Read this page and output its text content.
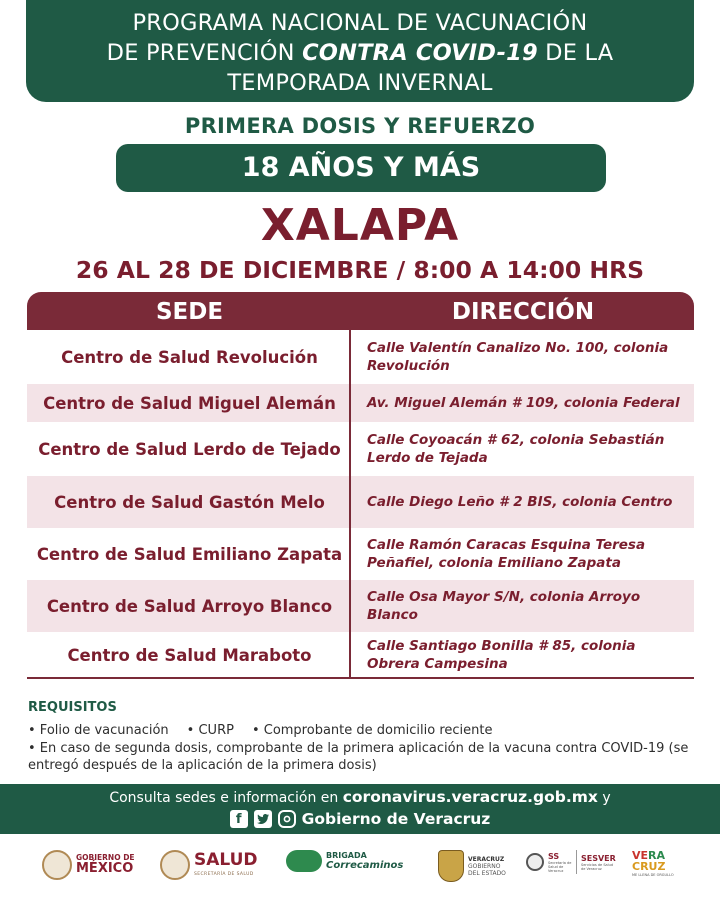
PROGRAMA NACIONAL DE VACUNACIÓN
DE PREVENCIÓN CONTRA COVID-19 DE LA
TEMPORADA INVERNAL
PRIMERA DOSIS Y REFUERZO
18 AÑOS Y MÁS
XALAPA
26 AL 28 DE DICIEMBRE / 8:00 A 14:00 HRS
SEDE	DIRECCIÓN
Centro de Salud Revolución	Calle Valentín Canalizo No. 100, colonia Revolución
Centro de Salud Miguel Alemán	Av. Miguel Alemán # 109, colonia Federal
Centro de Salud Lerdo de Tejado	Calle Coyoacán # 62, colonia Sebastián Lerdo de Tejada
Centro de Salud Gastón Melo	Calle Diego Leño # 2 BIS, colonia Centro
Centro de Salud Emiliano Zapata	Calle Ramón Caracas Esquina Teresa Peñafiel, colonia Emiliano Zapata
Centro de Salud Arroyo Blanco	Calle Osa Mayor S/N, colonia Arroyo Blanco
Centro de Salud Maraboto	Calle Santiago Bonilla # 85, colonia Obrera Campesina
REQUISITOS
• Folio de vacunación • CURP • Comprobante de domicilio reciente
• En caso de segunda dosis, comprobante de la primera aplicación de la vacuna contra COVID-19 (se entregó después de la aplicación de la primera dosis)
Consulta sedes e información en coronavirus.veracruz.gob.mx y
f	Gobierno de Veracruz
GOBIERNO DE
MÉXICO	SALUD
SECRETARÍA DE SALUD
BRIGADA
Correcaminos
VERACRUZ
GOBIERNO
DEL ESTADO
SS
Secretaría de Salud de Veracruz
SESVER
Servicios de Salud de Veracruz
VERA
CRUZ
ME LLENA DE ORGULLO
